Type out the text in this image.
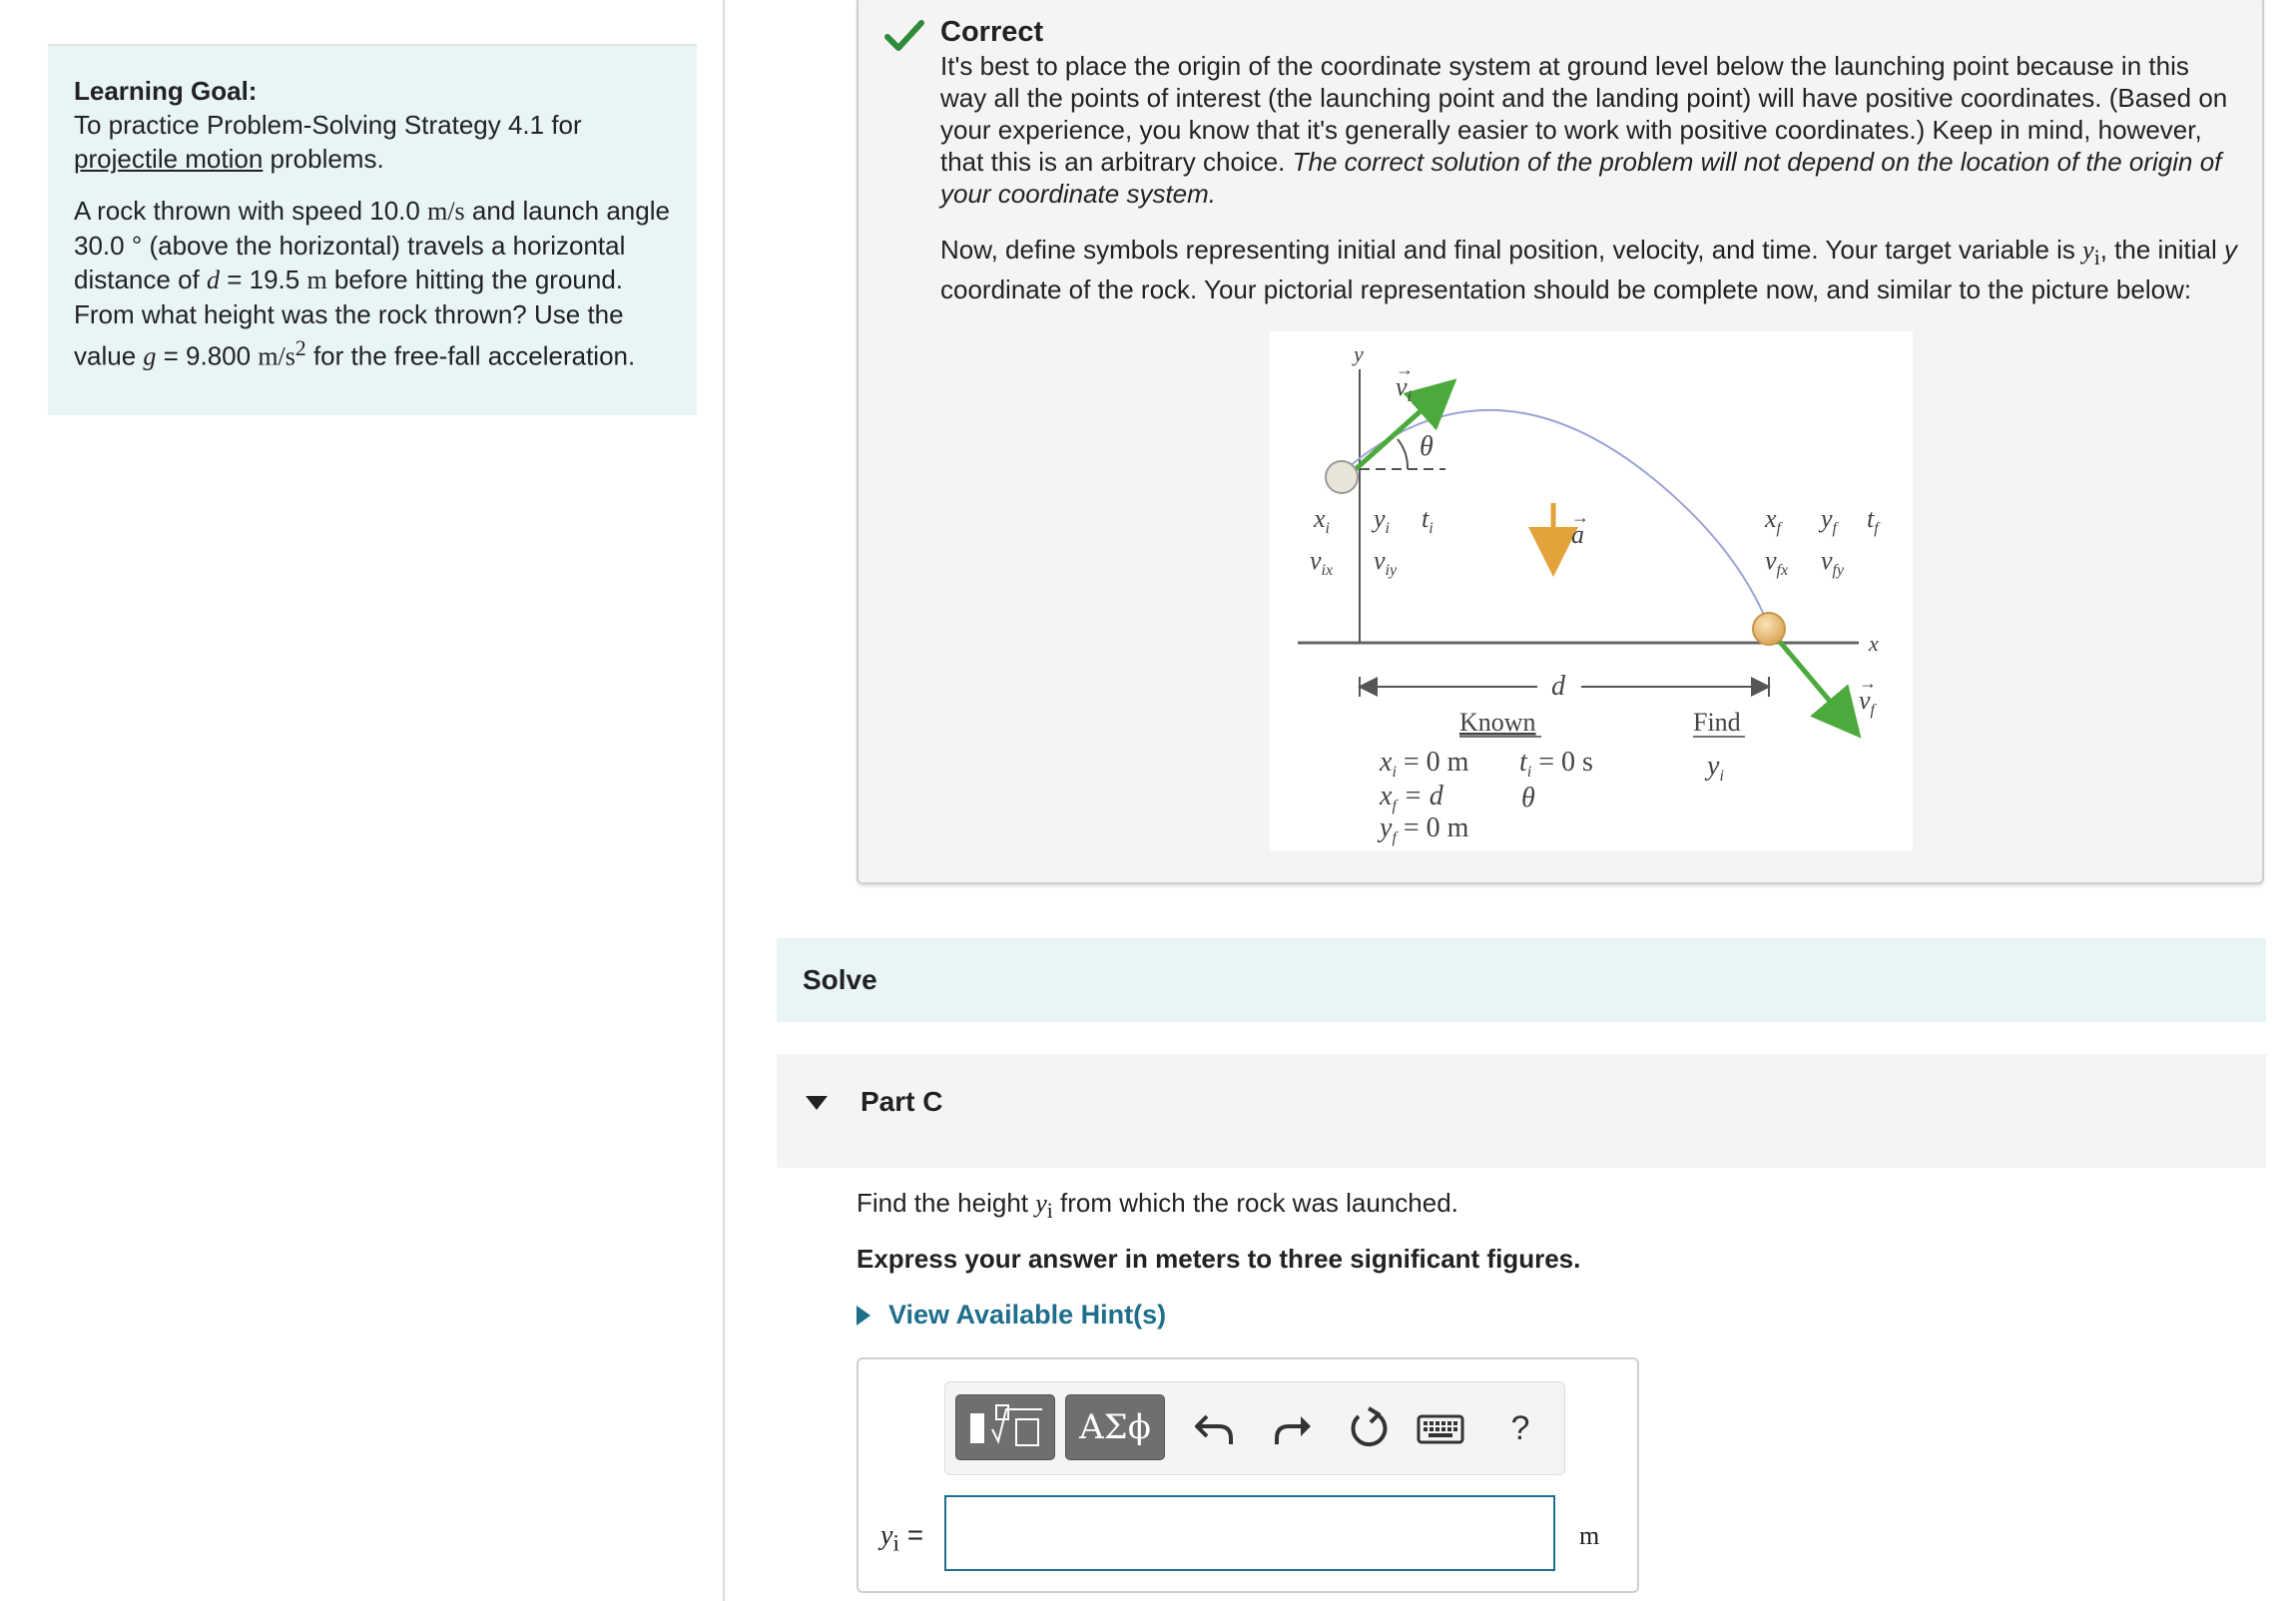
Learning Goal:

To practice Problem-Solving Strategy 4.1 for
projectile motion problems.

A rock thrown with speed 10.0 m/s and launch angle 30.0 ° (above the horizontal) travels a horizontal distance of d = 19.5 m before hitting the ground. From what height was the rock thrown? Use the value g = 9.800 $m/s^2$ for the free-fall acceleration.

Correct

It's best to place the origin of the coordinate system at ground level below the launching point because in this way all the points of interest (the launching point and the landing point) will have positive coordinates. (Based on your experience, you know that it's generally easier to work with positive coordinates.) Keep in mind, however, that this is an arbitrary choice. The correct solution of the problem will not depend on the location of the origin of your coordinate system.

Now, define symbols representing initial and final position, velocity, and time. Your target variable is $y_i$, the initial y coordinate of the rock. Your pictorial representation should be complete now, and similar to the picture below:

y
x
$v_i$
→
θ
$x_i$ $y_i$ $t_i$
$v_{ix}$ $v_{iy}$
a
→	$x_f$ $y_f$ $t_f$
$v_{fx}$ $v_{fy}$
$v_f$
→
d
Known	Find
$x_i = 0$ m $t_i = 0$ s
$x_f = d$	θ
$y_f = 0$ m
$y_i$
Solve
Part C
Find the height $y_i$ from which the rock was launched.
Express your answer in meters to three significant figures.
View Available Hint(s)
ΑΣϕ	?
$y_i$ =	m
